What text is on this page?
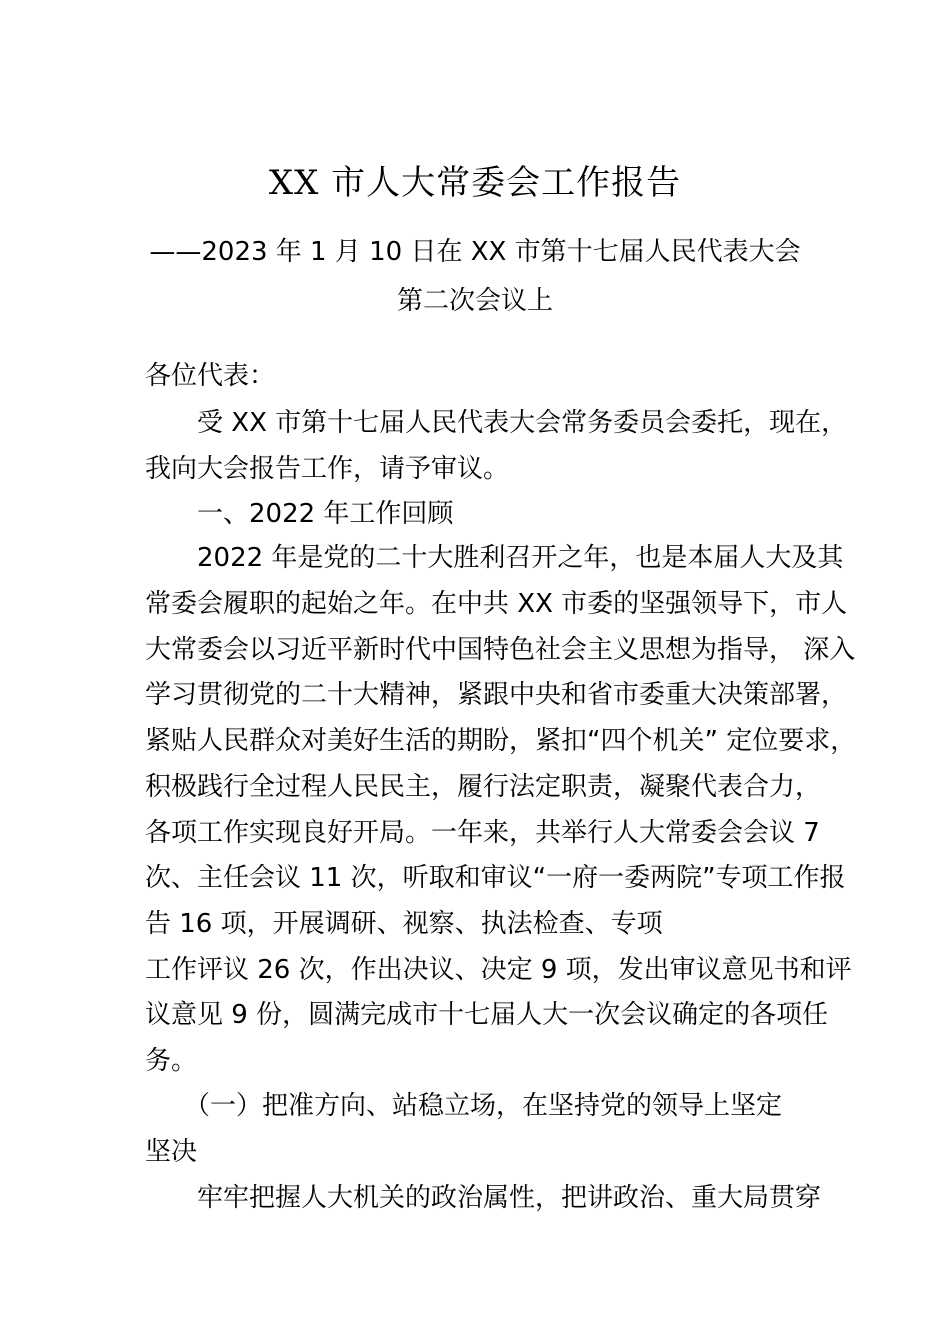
XX 市人大常委会工作报告

——2023 年 1 月 10 日在 XX 市第十七届人民代表大会

第二次会议上

各位代表：

　　受 XX 市第十七届人民代表大会常务委员会委托，现在，

我向大会报告工作，请予审议。

　　一、2022 年工作回顾

　　2022 年是党的二十大胜利召开之年，也是本届人大及其

常委会履职的起始之年。在中共 XX 市委的坚强领导下，市人

大常委会以习近平新时代中国特色社会主义思想为指导， 深入

学习贯彻党的二十大精神，紧跟中央和省市委重大决策部署，

紧贴人民群众对美好生活的期盼，紧扣“四个机关” 定位要求，

积极践行全过程人民民主，履行法定职责，凝聚代表合力，

各项工作实现良好开局。一年来，共举行人大常委会会议 7

次、主任会议 11 次，听取和审议“一府一委两院”专项工作报

告 16 项，开展调研、视察、执法检查、专项

工作评议 26 次，作出决议、决定 9 项，发出审议意见书和评

议意见 9 份，圆满完成市十七届人大一次会议确定的各项任

务。

　　（一）把准方向、站稳立场，在坚持党的领导上坚定

坚决

　　牢牢把握人大机关的政治属性，把讲政治、重大局贯穿
